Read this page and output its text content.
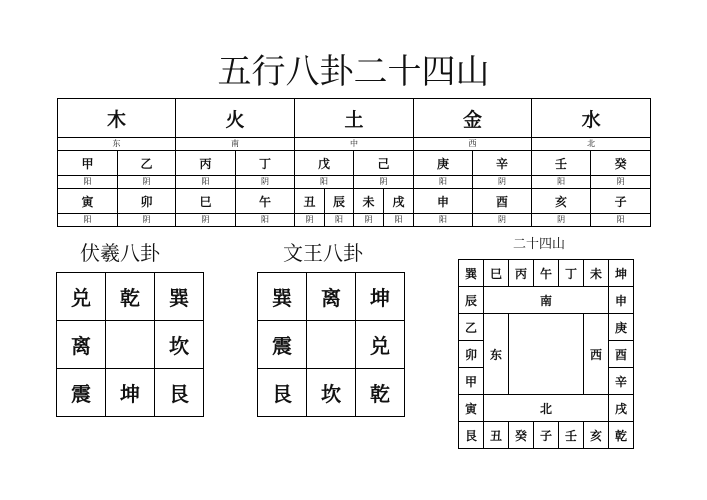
五行八卦二十四山
木		火		土				金		水	
东		南		中				西		北	
甲	乙	丙	丁	戊		己		庚	辛	壬	癸
阳	阴	阳	阴	阳		阴		阳	阴	阳	阴
寅	卯	巳	午	丑	辰	未	戌	申	酉	亥	子
阳	阴	阴	阳	阴	阳	阴	阳	阳	阴	阴	阳
伏羲八卦	文王八卦	二十四山
兑	乾	巽
离		坎
震	坤	艮
巽	离	坤
震		兑
艮	坎	乾
巽	巳	丙	午	丁	未	坤
辰	南					申
乙	东				西	庚
卯						酉
甲						辛
寅	北					戌
艮	丑	癸	子	壬	亥	乾
